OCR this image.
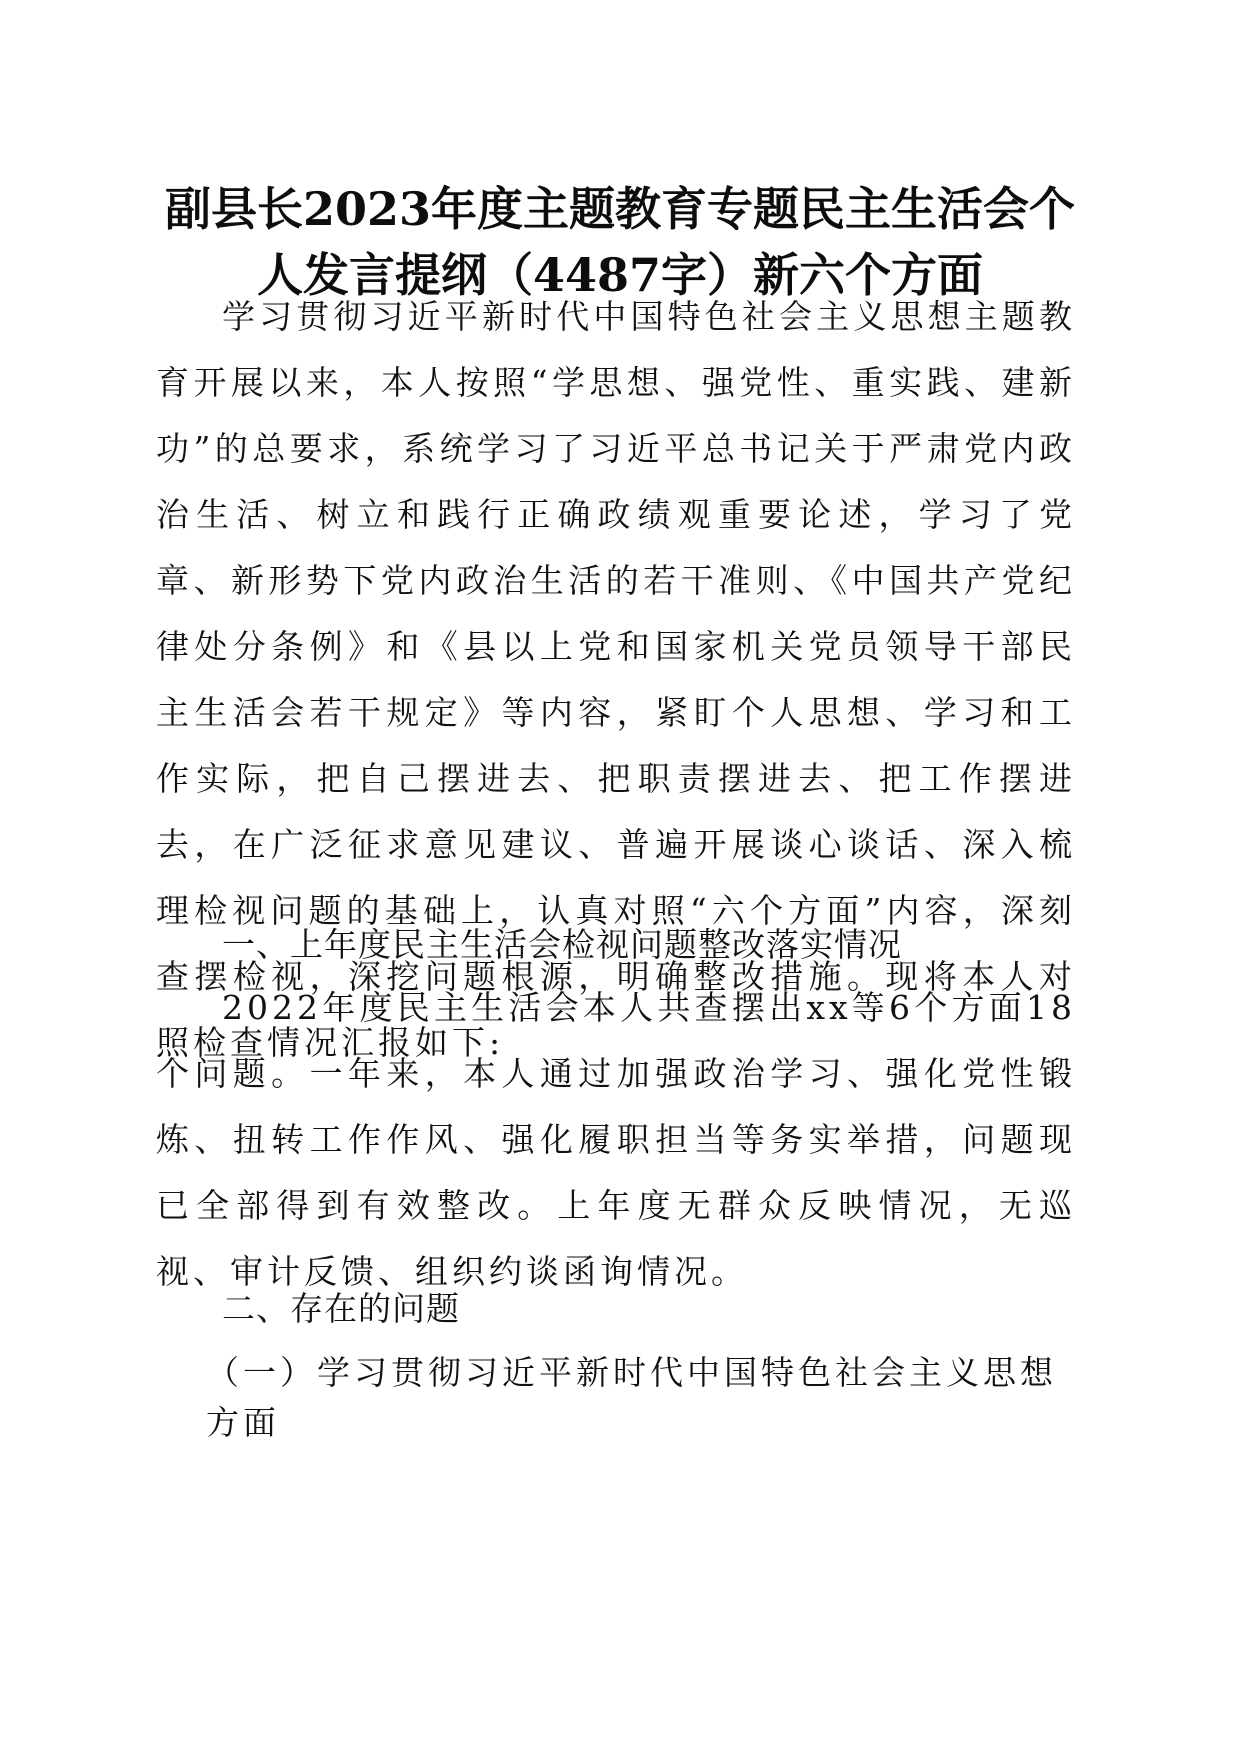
副县长2023年度主题教育专题民主生活会个
人发言提纲（4487字）新六个方面

学习贯彻习近平新时代中国特色社会主义思想主题教育开展以来，本人按照“学思想、强党性、重实践、建新功”的总要求，系统学习了习近平总书记关于严肃党内政治生活、树立和践行正确政绩观重要论述，学习了党章、新形势下党内政治生活的若干准则、《中国共产党纪律处分条例》和《县以上党和国家机关党员领导干部民主生活会若干规定》等内容，紧盯个人思想、学习和工作实际，把自己摆进去、把职责摆进去、把工作摆进去，在广泛征求意见建议、普遍开展谈心谈话、深入梳理检视问题的基础上，认真对照“六个方面”内容，深刻查摆检视，深挖问题根源，明确整改措施。现将本人对照检查情况汇报如下:

一、上年度民主生活会检视问题整改落实情况

2022年度民主生活会本人共查摆出xx等6个方面18个问题。一年来，本人通过加强政治学习、强化党性锻炼、扭转工作作风、强化履职担当等务实举措，问题现已全部得到有效整改。上年度无群众反映情况，无巡视、审计反馈、组织约谈函询情况。

二、存在的问题
（一）学习贯彻习近平新时代中国特色社会主义思想方面
